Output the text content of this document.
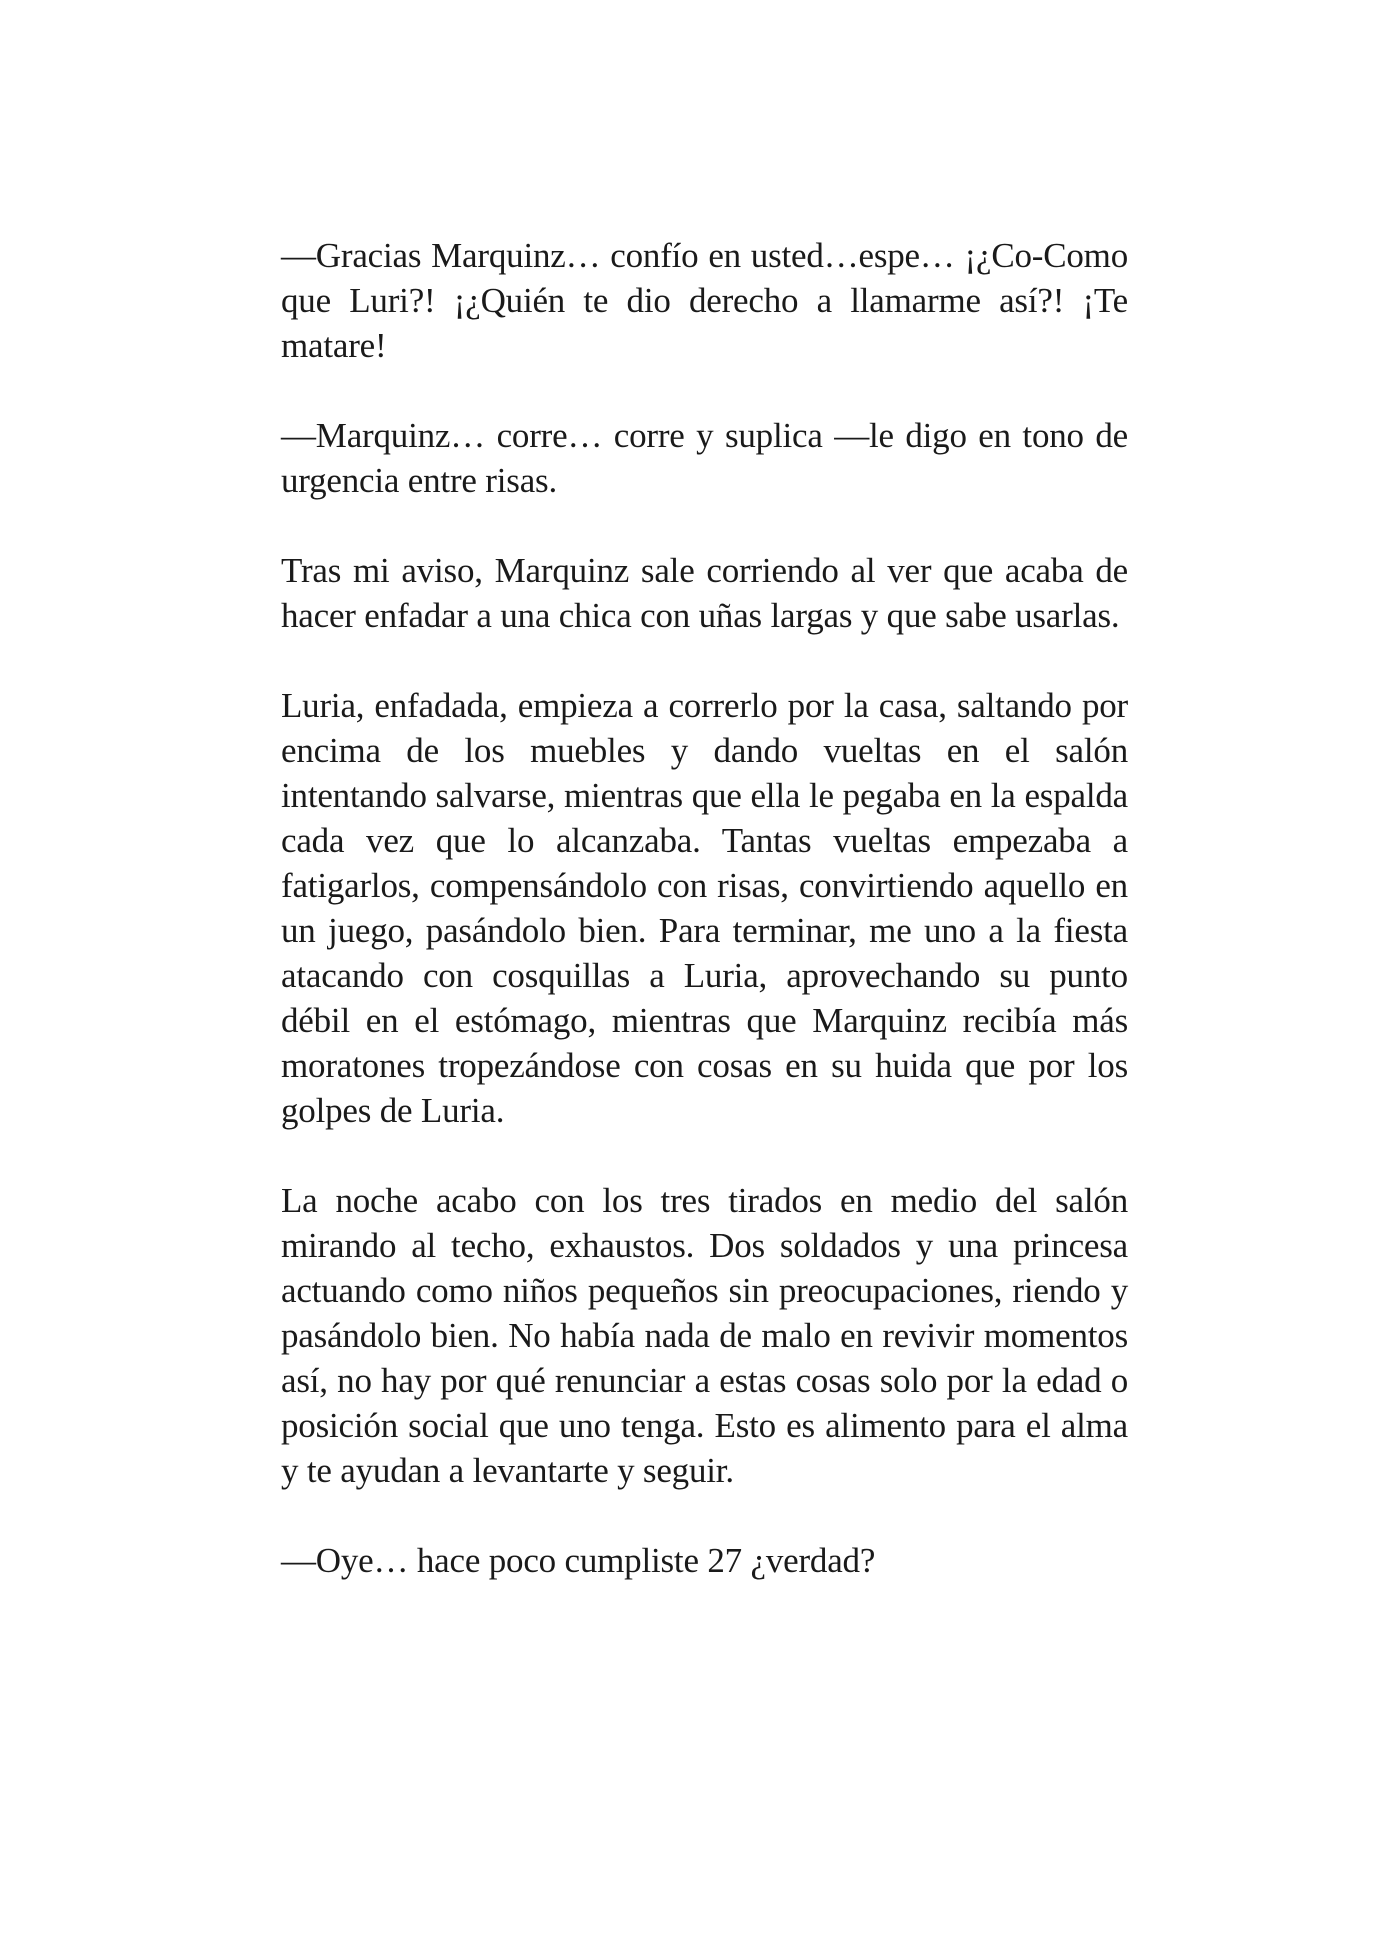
—Gracias Marquinz… confío en usted…espe… ¡¿Co-Como que Luri?! ¡¿Quién te dio derecho a llamarme así?! ¡Te matare!

—Marquinz… corre… corre y suplica —le digo en tono de urgencia entre risas.

Tras mi aviso, Marquinz sale corriendo al ver que acaba de hacer enfadar a una chica con uñas largas y que sabe usarlas.

Luria, enfadada, empieza a correrlo por la casa, saltando por encima de los muebles y dando vueltas en el salón intentando salvarse, mientras que ella le pegaba en la espalda cada vez que lo alcanzaba. Tantas vueltas empezaba a fatigarlos, compensándolo con risas, convirtiendo aquello en un juego, pasándolo bien. Para terminar, me uno a la fiesta atacando con cosquillas a Luria, aprovechando su punto débil en el estómago, mientras que Marquinz recibía más moratones tropezándose con cosas en su huida que por los golpes de Luria.

La noche acabo con los tres tirados en medio del salón mirando al techo, exhaustos. Dos soldados y una princesa actuando como niños pequeños sin preocupaciones, riendo y pasándolo bien. No había nada de malo en revivir momentos así, no hay por qué renunciar a estas cosas solo por la edad o posición social que uno tenga. Esto es alimento para el alma y te ayudan a levantarte y seguir.

—Oye… hace poco cumpliste 27 ¿verdad?
